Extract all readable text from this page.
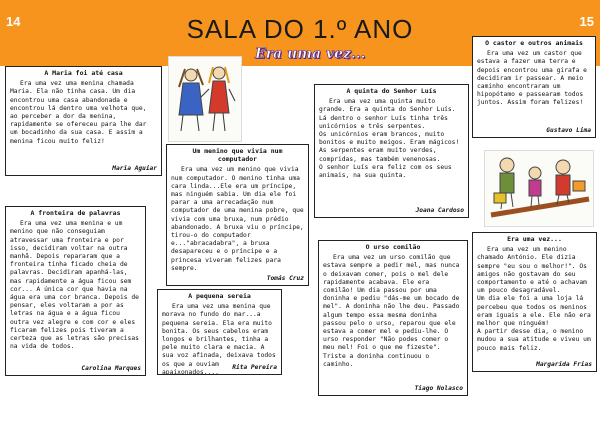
14	SALA DO 1.º ANO	15
Era uma vez...
A Maria foi até casa

Era uma vez uma menina chamada Maria. Ela não tinha casa. Um dia encontrou uma casa abandonada e encontrou lá dentro uma velhota que, ao perceber a dor da menina, rapidamente se ofereceu para lhe dar um bocadinho da sua casa. E assim a menina ficou muito feliz!

Maria Aguiar
Um menino que vivia num computador

Era uma vez um menino que vivia num computador. O menino tinha uma cara linda...Ele era um príncipe, mas ninguém sabia. Um dia ele foi parar a uma arrecadação num computador de uma menina pobre, que vivia com uma bruxa, num prédio abandonado. A bruxa viu o príncipe, tirou-o do computador e..."abracadabra", a bruxa desapareceu e o príncipe e a princesa viveram felizes para sempre.

Tomás Cruz
A quinta do Senhor Luís

Era uma vez uma quinta muito grande. Era a quinta do Senhor Luís. Lá dentro o senhor Luís tinha três unicórnios e três serpentes.
Os unicórnios eram brancos, muito bonitos e muito meigos. Eram mágicos!
As serpentes eram muito verdes, compridas, mas também venenosas.
O senhor Luís era feliz com os seus animais, na sua quinta.

Joana Cardoso
O castor e outros animais

Era uma vez um castor que estava a fazer uma terra e depois encontrou uma girafa e decidiram ir passear. A meio caminho encontraram um hipopótamo e passearam todos juntos. Assim foram felizes!

Gustavo Lima
A fronteira de palavras

Era uma vez uma menina e um menino que não conseguiam atravessar uma fronteira e por isso, decidiram voltar na outra manhã. Depois repararam que a fronteira tinha ficado cheia de palavras. Decidiram apanhá-las, mas rapidamente a água ficou sem cor... A única cor que havia na água era uma cor branca. Depois de pensar, eles voltaram a por as letras na água e a água ficou outra vez alegre e com cor e eles ficaram felizes pois tiveram a certeza que as letras são precisas na vida de todos.

Carolina Marques
A pequena sereia

Era uma vez uma menina que morava no fundo do mar...a pequena sereia. Ela era muito bonita. Os seus cabelos eram longos e brilhantes, tinha a pele muito clara e macia. A sua voz afinada, deixava todos os que a ouviam apaixonados....

Rita Pereira
O urso comilão

Era uma vez um urso comilão que estava sempre a pedir mel, mas nunca o deixavam comer, pois o mel dele rapidamente acabava. Ele era comilão! Um dia passou por uma doninha e pediu "dás-me um bocado de mel". A doninha não lhe deu. Passado algum tempo essa mesma doninha passou pelo o urso, reparou que ele estava a comer mel e pediu-lhe. O urso responder "Não podes comer o meu mel! Foi o que me fizeste". Triste a doninha continuou o caminho.

Tiago Nolasco
Era uma vez...

Era uma vez um menino chamado António. Ele dizia sempre "eu sou o melhor!". Os amigos não gostavam do seu comportamento e até o achavam um pouco desagradável.
Um dia ele foi a uma loja lá percebeu que todos os meninos eram iguais a ele. Ele não era melhor que ninguém!
A partir desse dia, o menino mudou a sua atitude e viveu um pouco mais feliz.

Margarida Frias
